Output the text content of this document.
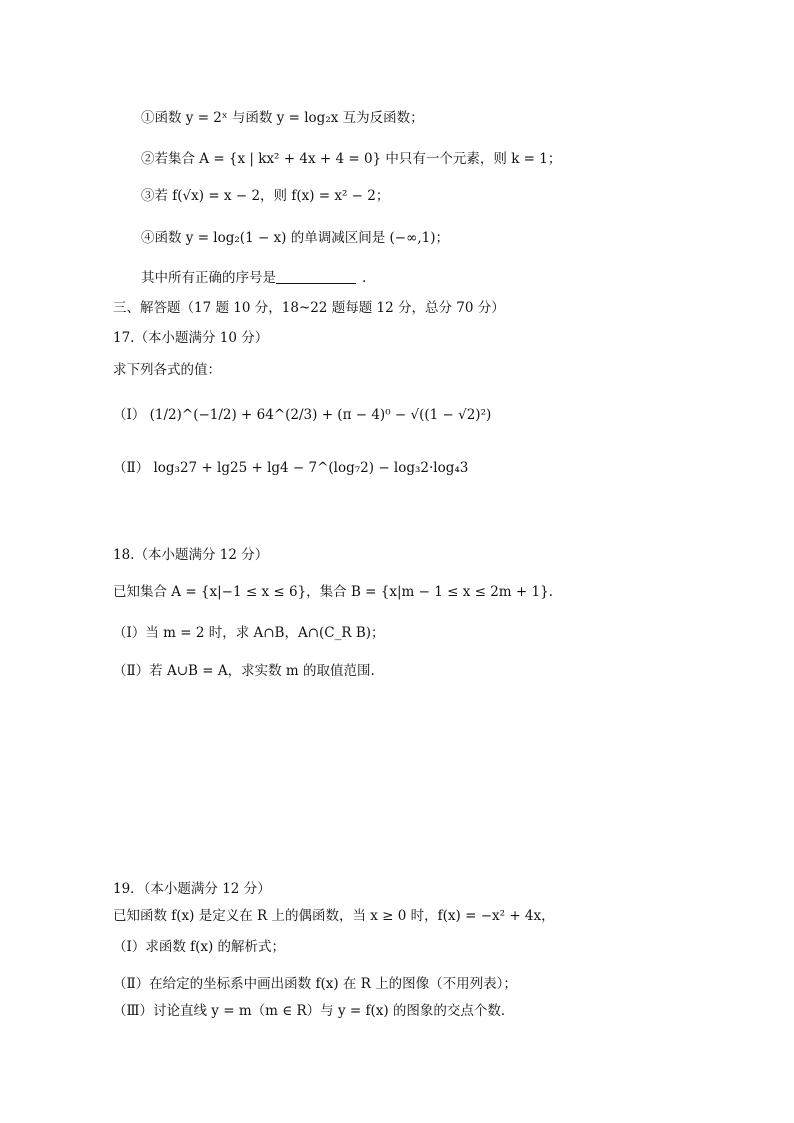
①函数 y = 2ˣ 与函数 y = log₂x 互为反函数；
②若集合 A = {x | kx² + 4x + 4 = 0} 中只有一个元素，则 k = 1；
③若 f(√x) = x − 2，则 f(x) = x² − 2；
④函数 y = log₂(1 − x) 的单调减区间是 (−∞,1)；
其中所有正确的序号是	.
三、解答题（17 题 10 分，18~22 题每题 12 分，总分 70 分）
17.（本小题满分 10 分）
求下列各式的值：
（Ⅰ） (1/2)^(−1/2) + 64^(2/3) + (π − 4)⁰ − √((1 − √2)²)
（Ⅱ） log₃27 + lg25 + lg4 − 7^(log₇2) − log₃2·log₄3
18.（本小题满分 12 分）
已知集合 A = {x|−1 ≤ x ≤ 6}，集合 B = {x|m − 1 ≤ x ≤ 2m + 1}.
（Ⅰ）当 m = 2 时，求 A∩B，A∩(C_R B)；
（Ⅱ）若 A∪B = A，求实数 m 的取值范围.
19．（本小题满分 12 分）
已知函数 f(x) 是定义在 R 上的偶函数，当 x ≥ 0 时，f(x) = −x² + 4x，
（Ⅰ）求函数 f(x) 的解析式；
（Ⅱ）在给定的坐标系中画出函数 f(x) 在 R 上的图像（不用列表）；
（Ⅲ）讨论直线 y = m（m ∈ R）与 y = f(x) 的图象的交点个数．
